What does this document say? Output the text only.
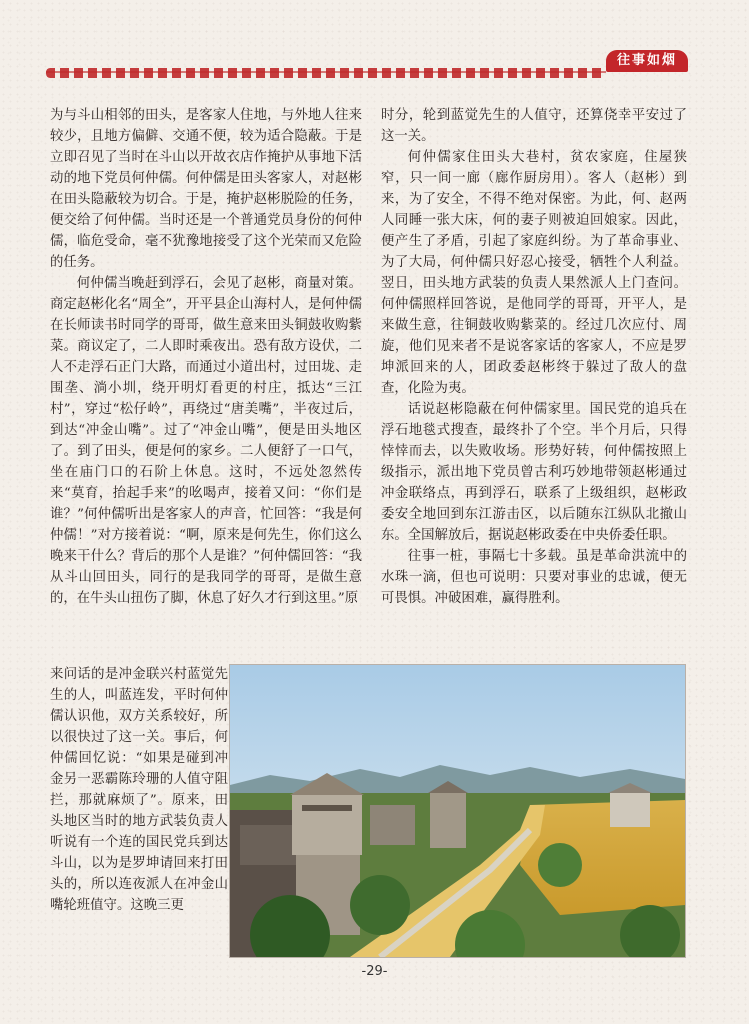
往事如烟

为与斗山相邻的田头，是客家人住地，与外地人往来较少，且地方偏僻、交通不便，较为适合隐蔽。于是立即召见了当时在斗山以开故衣店作掩护从事地下活动的地下党员何仲儒。何仲儒是田头客家人，对赵彬在田头隐蔽较为切合。于是，掩护赵彬脱险的任务，便交给了何仲儒。当时还是一个普通党员身份的何仲儒，临危受命，毫不犹豫地接受了这个光荣而又危险的任务。

何仲儒当晚赶到浮石，会见了赵彬，商量对策。商定赵彬化名“周全”，开平县企山海村人，是何仲儒在长师读书时同学的哥哥，做生意来田头铜鼓收购紫菜。商议定了，二人即时乘夜出。恐有敌方设伏，二人不走浮石正门大路，而通过小道出村，过田垅、走围垄、淌小圳，绕开明灯看更的村庄，抵达“三江村”，穿过“松仔岭”，再绕过“唐美嘴”，半夜过后，到达“冲金山嘴”。过了“冲金山嘴”，便是田头地区了。到了田头，便是何的家乡。二人便舒了一口气，坐在庙门口的石阶上休息。这时，不远处忽然传来“莫育，抬起手来”的吆喝声，接着又问：“你们是谁？”何仲儒听出是客家人的声音，忙回答：“我是何仲儒！”对方接着说：“啊，原来是何先生，你们这么晚来干什么？背后的那个人是谁？”何仲儒回答：“我从斗山回田头，同行的是我同学的哥哥，是做生意的，在牛头山扭伤了脚，休息了好久才行到这里。”原

来问话的是冲金联兴村蓝觉先生的人，叫蓝连发，平时何仲儒认识他，双方关系较好，所以很快过了这一关。事后，何仲儒回忆说：“如果是碰到冲金另一恶霸陈玲珊的人值守阻拦，那就麻烦了”。原来，田头地区当时的地方武装负责人听说有一个连的国民党兵到达斗山，以为是罗坤请回来打田头的，所以连夜派人在冲金山嘴轮班值守。这晚三更

时分，轮到蓝觉先生的人值守，还算侥幸平安过了这一关。

何仲儒家住田头大巷村，贫农家庭，住屋狭窄，只一间一廊（廊作厨房用）。客人（赵彬）到来，为了安全，不得不绝对保密。为此，何、赵两人同睡一张大床，何的妻子则被迫回娘家。因此，便产生了矛盾，引起了家庭纠纷。为了革命事业、为了大局，何仲儒只好忍心接受，牺牲个人利益。翌日，田头地方武装的负责人果然派人上门查问。何仲儒照样回答说，是他同学的哥哥，开平人，是来做生意，往铜鼓收购紫菜的。经过几次应付、周旋，他们见来者不是说客家话的客家人，不应是罗坤派回来的人，团政委赵彬终于躲过了敌人的盘查，化险为夷。

话说赵彬隐蔽在何仲儒家里。国民党的追兵在浮石地毯式搜查，最终扑了个空。半个月后，只得悻悻而去，以失败收场。形势好转，何仲儒按照上级指示，派出地下党员曾古利巧妙地带领赵彬通过冲金联络点，再到浮石，联系了上级组织，赵彬政委安全地回到东江游击区，以后随东江纵队北撤山东。全国解放后，据说赵彬政委在中央侨委任职。

往事一桩，事隔七十多载。虽是革命洪流中的水珠一滴，但也可说明：只要对事业的忠诚，便无可畏惧。冲破困难，赢得胜利。

-29-
